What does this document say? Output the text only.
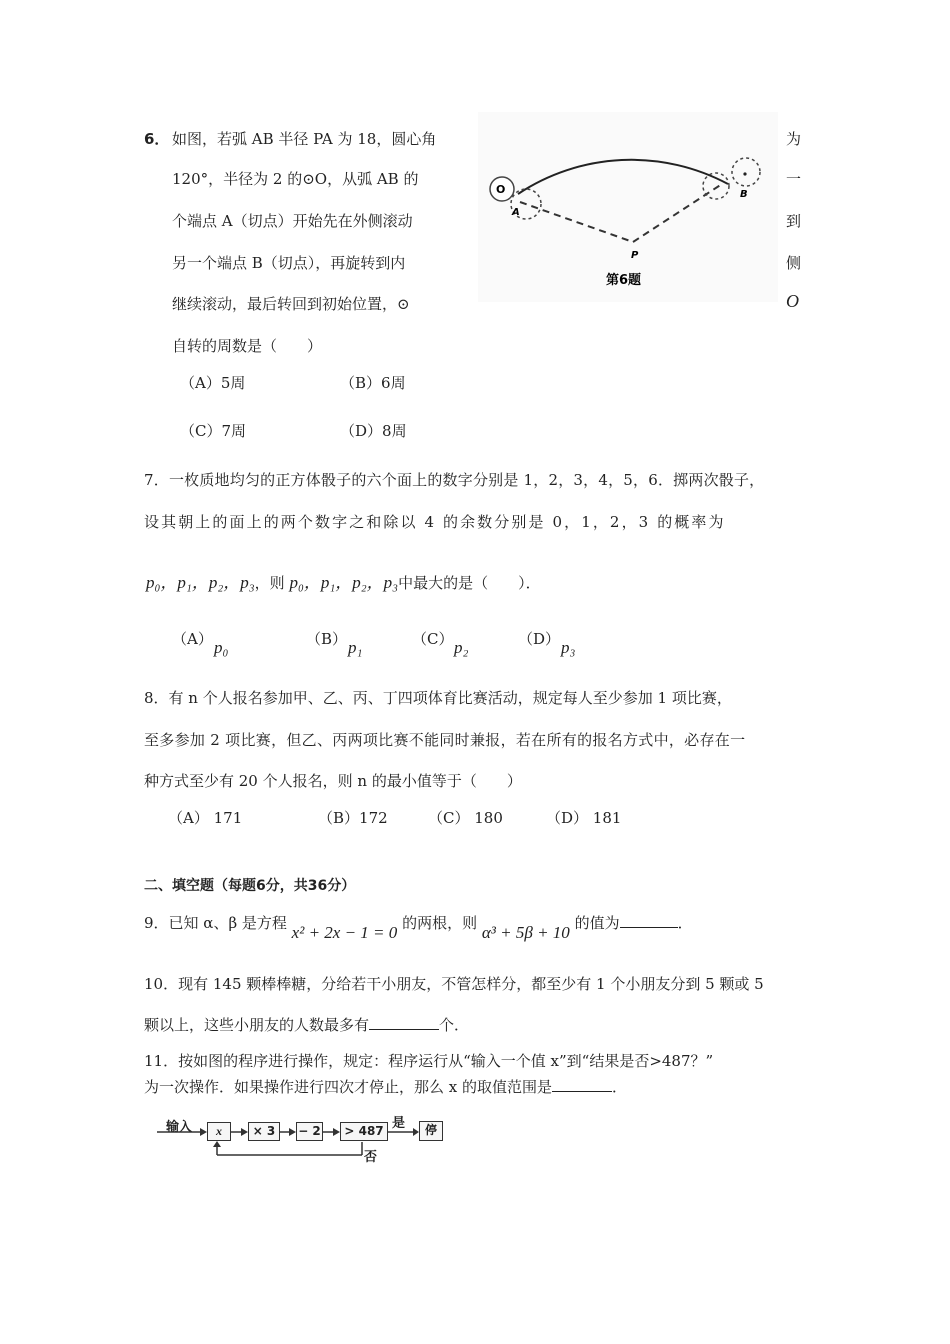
6． 如图，若弧 AB 半径 PA 为 18，圆心角
120°，半径为 2 的⊙O，从弧 AB 的
个端点 A（切点）开始先在外侧滚动
另一个端点 B（切点），再旋转到内
继续滚动，最后转回到初始位置，⊙
自转的周数是（　　）
为
一
到
侧
O
O
A
B
P
第6题
（A）5周	（B）6周
（C）7周	（D）8周
7．一枚质地均匀的正方体骰子的六个面上的数字分别是 1，2，3，4，5，6．掷两次骰子，
设其朝上的面上的两个数字之和除以 4 的余数分别是 0，1，2，3 的概率为
p₀，p₁，p₂，p₃，则 p₀，p₁，p₂，p₃中最大的是（　　）．
（A） p₀	（B） p₁	（C） p₂	（D） p₃
8．有 n 个人报名参加甲、乙、丙、丁四项体育比赛活动，规定每人至少参加 1 项比赛，
至多参加 2 项比赛，但乙、丙两项比赛不能同时兼报，若在所有的报名方式中，必存在一
种方式至少有 20 个人报名，则 n 的最小值等于（　　）
（A） 171	（B）172	（C） 180	（D） 181
二、填空题（每题6分，共36分）
9．已知 α、β 是方程 x² + 2x − 1 = 0 的两根，则 α³ + 5β + 10 的值为	．
10．现有 145 颗棒棒糖，分给若干小朋友，不管怎样分，都至少有 1 个小朋友分到 5 颗或 5
颗以上，这些小朋友的人数最多有	个．
11．按如图的程序进行操作，规定：程序运行从“输入一个值 x”到“结果是否>487？”
为一次操作．如果操作进行四次才停止，那么 x 的取值范围是	．
输入	x	× 3	− 2	> 487 是	停
否
